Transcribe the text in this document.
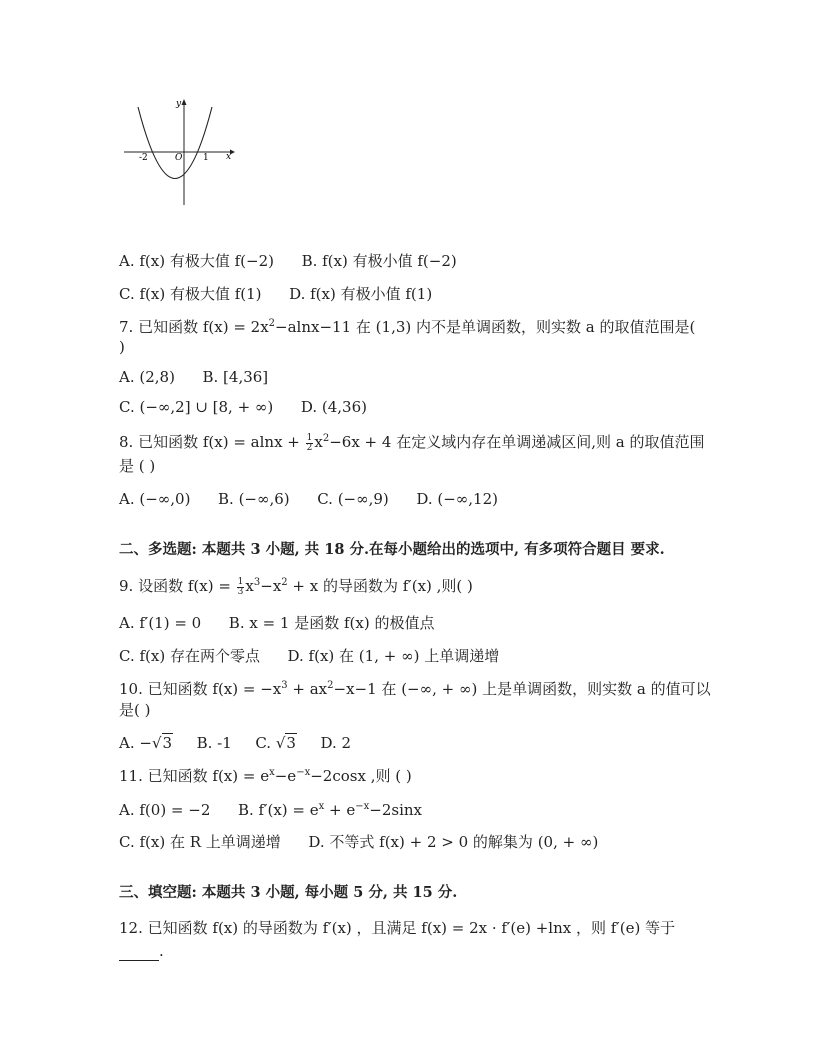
y
x
-2	O 1
A. f(x) 有极大值 f(−2) B. f(x) 有极小值 f(−2)
C. f(x) 有极大值 f(1) D. f(x) 有极小值 f(1)
7. 已知函数 $f(x) = 2x^2-alnx-11$ 在 (1,3) 内不是单调函数，则实数 a 的取值范围是(
)
A. (2,8) B. [4,36]
C. (−∞,2] ∪ [8, + ∞) D. (4,36)
8. 已知函数 $f(x) = alnx + \frac{1}{2} x^2-6x + 4$ 在定义域内存在单调递减区间,则 a 的取值范围
是 ( )
A. (−∞,0) B. (−∞,6) C. (−∞,9) D. (−∞,12)
二、多选题: 本题共 3 小题, 共 18 分.在每小题给出的选项中, 有多项符合题目 要求.
9. 设函数 $f(x) = \frac{1}{3} x^3-x^2 + x$ 的导函数为 f′(x) ,则( )
A. f′(1) = 0 B. x = 1 是函数 f(x) 的极值点
C. f(x) 存在两个零点 D. f(x) 在 (1, + ∞) 上单调递增
10. 已知函数 $f(x) = -x^3 + ax^2-x-1$ 在 (−∞, + ∞) 上是单调函数，则实数 a 的值可以
是( )
A. −√3 B. -1 C. √3 D. 2
11. 已知函数 $f(x) = e^x-e^{-x}-2\cos x$ ,则 ( )
A. f(0) = −2 B. $f'(x) = e^x + e^{-x}-2\sin x$
C. f(x) 在 R 上单调递增 D. 不等式 f(x) + 2 > 0 的解集为 (0, + ∞)
三、填空题: 本题共 3 小题, 每小题 5 分, 共 15 分.
12. 已知函数 f(x) 的导函数为 f′(x) ，且满足 f(x) = 2x · f′(e) +lnx ，则 f′(e) 等于
.
